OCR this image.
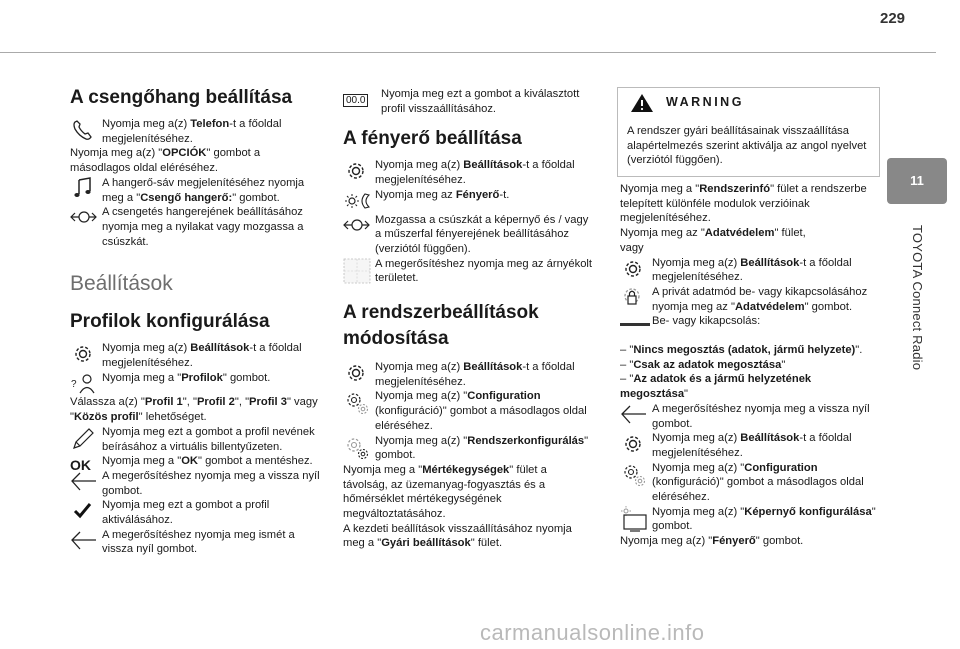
229
11
TOYOTA Connect Radio
A csengőhang beállítása

Nyomja meg a(z) Telefon-t a főoldal megjelenítéséhez.

Nyomja meg a(z) "OPCIÓK" gombot a másodlagos oldal eléréséhez.

A hangerő-sáv megjelenítéséhez nyomja meg a "Csengő hangerő:" gombot.

A csengetés hangerejének beállításához nyomja meg a nyilakat vagy mozgassa a csúszkát.

Beállítások
Profilok konfigurálása

Nyomja meg a(z) Beállítások-t a főoldal megjelenítéséhez.

?

Nyomja meg a "Profilok" gombot.

Válassza a(z) "Profil 1", "Profil 2", "Profil 3" vagy "Közös profil" lehetőséget.

Nyomja meg ezt a gombot a profil nevének beírásához a virtuális billentyűzeten.

OK Nyomja meg a "OK" gombot a mentéshez.

A megerősítéshez nyomja meg a vissza nyíl gombot.

Nyomja meg ezt a gombot a profil aktiválásához.

A megerősítéshez nyomja meg ismét a vissza nyíl gombot.

00.0

Nyomja meg ezt a gombot a kiválasztott profil visszaállításához.

A fényerő beállítása

Nyomja meg a(z) Beállítások-t a főoldal megjelenítéséhez.

Nyomja meg az Fényerő-t.

Mozgassa a csúszkát a képernyő és / vagy a műszerfal fényerejének beállításához (verziótól függően).

A megerősítéshez nyomja meg az árnyékolt területet.

A rendszerbeállítások módosítása

Nyomja meg a(z) Beállítások-t a főoldal megjelenítéséhez.

Nyomja meg a(z) "Configuration (konfiguráció)" gombot a másodlagos oldal eléréséhez.

Nyomja meg a(z) "Rendszerkonfigurálás" gombot.

Nyomja meg a "Mértékegységek" fület a távolság, az üzemanyag-fogyasztás és a hőmérséklet mértékegységének megváltoztatásához.

A kezdeti beállítások visszaállításához nyomja meg a "Gyári beállítások" fület.

WARNING
A rendszer gyári beállításainak visszaállítása alapértelmezés szerint aktiválja az angol nyelvet (verziótól függően).

Nyomja meg a "Rendszerinfó" fület a rendszerbe telepített különféle modulok verzióinak megjelenítéséhez.

Nyomja meg az "Adatvédelem" fület,

vagy

Nyomja meg a(z) Beállítások-t a főoldal megjelenítéséhez.

A privát adatmód be- vagy kikapcsolásához nyomja meg az "Adatvédelem" gombot.

Be- vagy kikapcsolás:

– "Nincs megosztás (adatok, jármű helyzete)".

– "Csak az adatok megosztása"

– "Az adatok és a jármű helyzetének megosztása"

A megerősítéshez nyomja meg a vissza nyíl gombot.

Nyomja meg a(z) Beállítások-t a főoldal megjelenítéséhez.

Nyomja meg a(z) "Configuration (konfiguráció)" gombot a másodlagos oldal eléréséhez.

Nyomja meg a(z) "Képernyő konfigurálása" gombot.

Nyomja meg a(z) "Fényerő" gombot.

carmanualsonline.info
